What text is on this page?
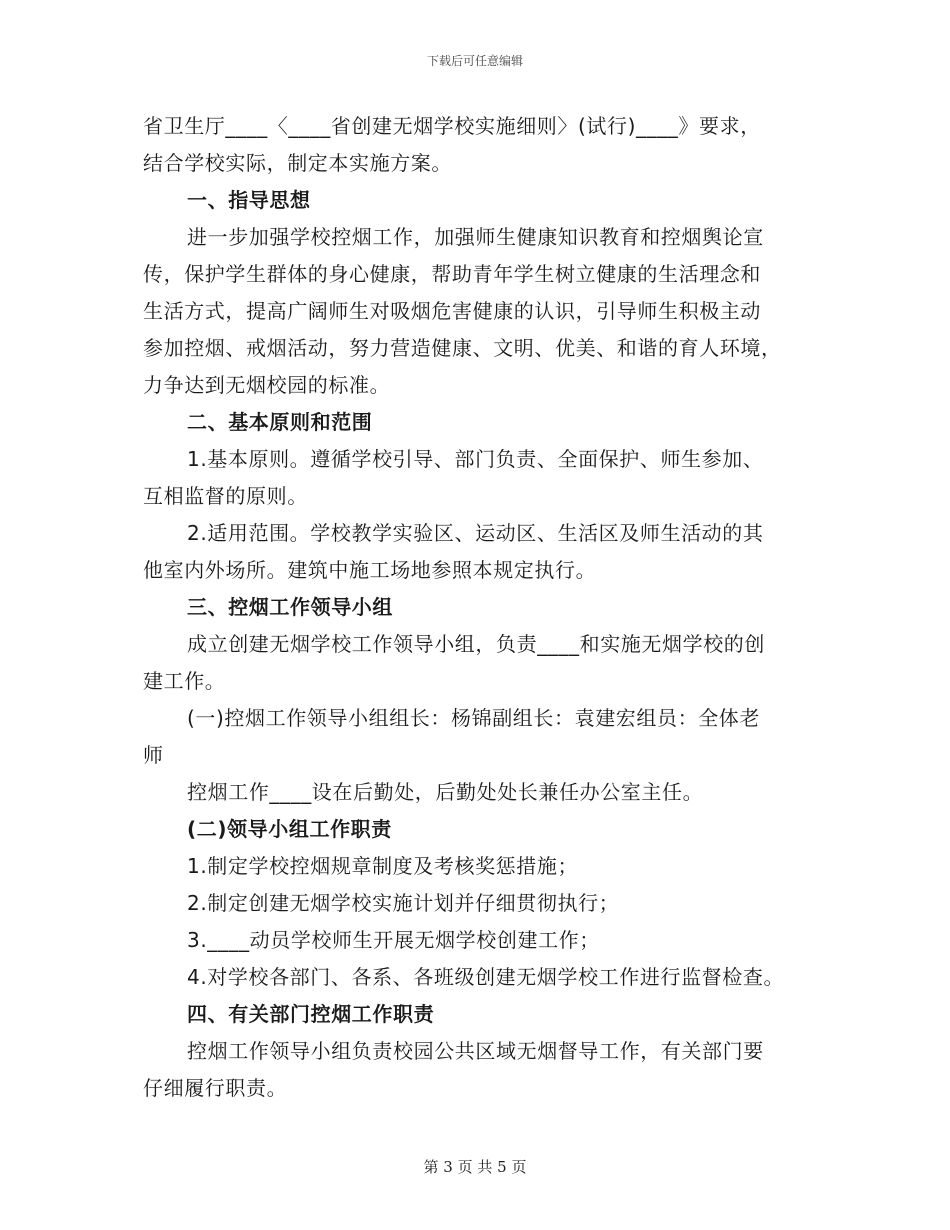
下载后可任意编辑
省卫生厅____〈____省创建无烟学校实施细则〉(试行)____》要求，
结合学校实际，制定本实施方案。
一、指导思想
进一步加强学校控烟工作，加强师生健康知识教育和控烟舆论宣
传，保护学生群体的身心健康，帮助青年学生树立健康的生活理念和
生活方式，提高广阔师生对吸烟危害健康的认识，引导师生积极主动
参加控烟、戒烟活动，努力营造健康、文明、优美、和谐的育人环境，
力争达到无烟校园的标准。
二、基本原则和范围
1.基本原则。遵循学校引导、部门负责、全面保护、师生参加、
互相监督的原则。
2.适用范围。学校教学实验区、运动区、生活区及师生活动的其
他室内外场所。建筑中施工场地参照本规定执行。
三、控烟工作领导小组
成立创建无烟学校工作领导小组，负责____和实施无烟学校的创
建工作。
(一)控烟工作领导小组组长：杨锦副组长：袁建宏组员：全体老
师
控烟工作____设在后勤处，后勤处处长兼任办公室主任。
(二)领导小组工作职责
1.制定学校控烟规章制度及考核奖惩措施；
2.制定创建无烟学校实施计划并仔细贯彻执行；
3.____动员学校师生开展无烟学校创建工作；
4.对学校各部门、各系、各班级创建无烟学校工作进行监督检查。
四、有关部门控烟工作职责
控烟工作领导小组负责校园公共区域无烟督导工作，有关部门要
仔细履行职责。
第 3 页 共 5 页
